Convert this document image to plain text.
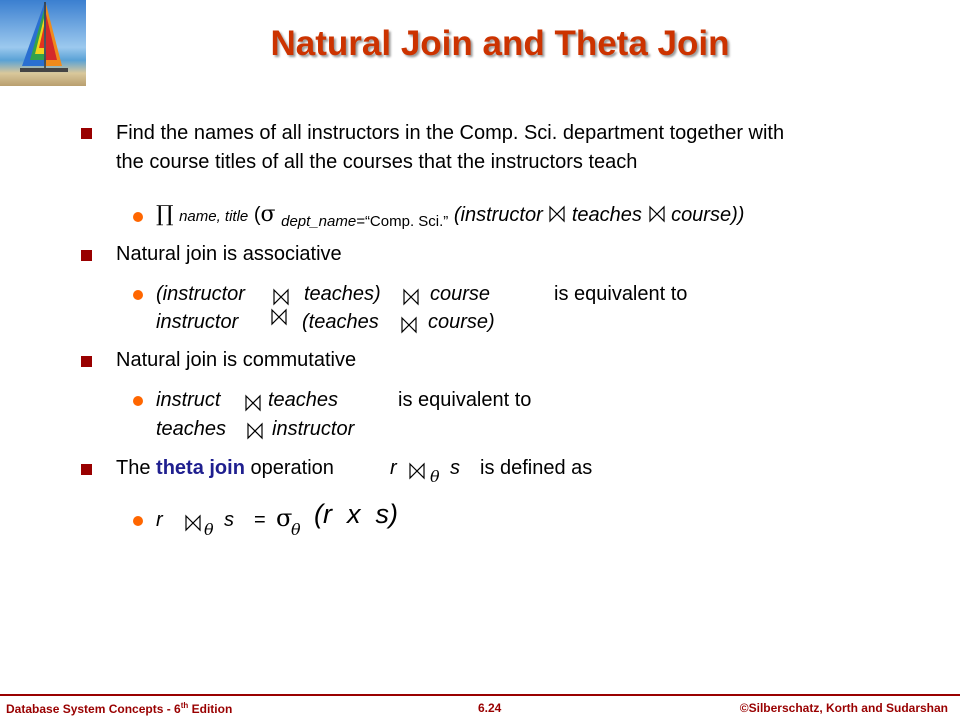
Natural Join and Theta Join
Find the names of all instructors in the Comp. Sci. department together with
the course titles of all the courses that the instructors teach
∏ name, title (σ $_{dept\_name=“Comp. Sci.”}$ (instructor teaches course))
Natural join is associative
(instructor	teaches) course	is equivalent to
instructor	(teaches course)
Natural join is commutative
instruct teaches	is equivalent to
teaches instructor
The theta join operation	r θ s is defined as
r	θ s = σ
θ
(r  x  s)
Database System Concepts - 6th Edition	6.24	©Silberschatz, Korth and Sudarshan
